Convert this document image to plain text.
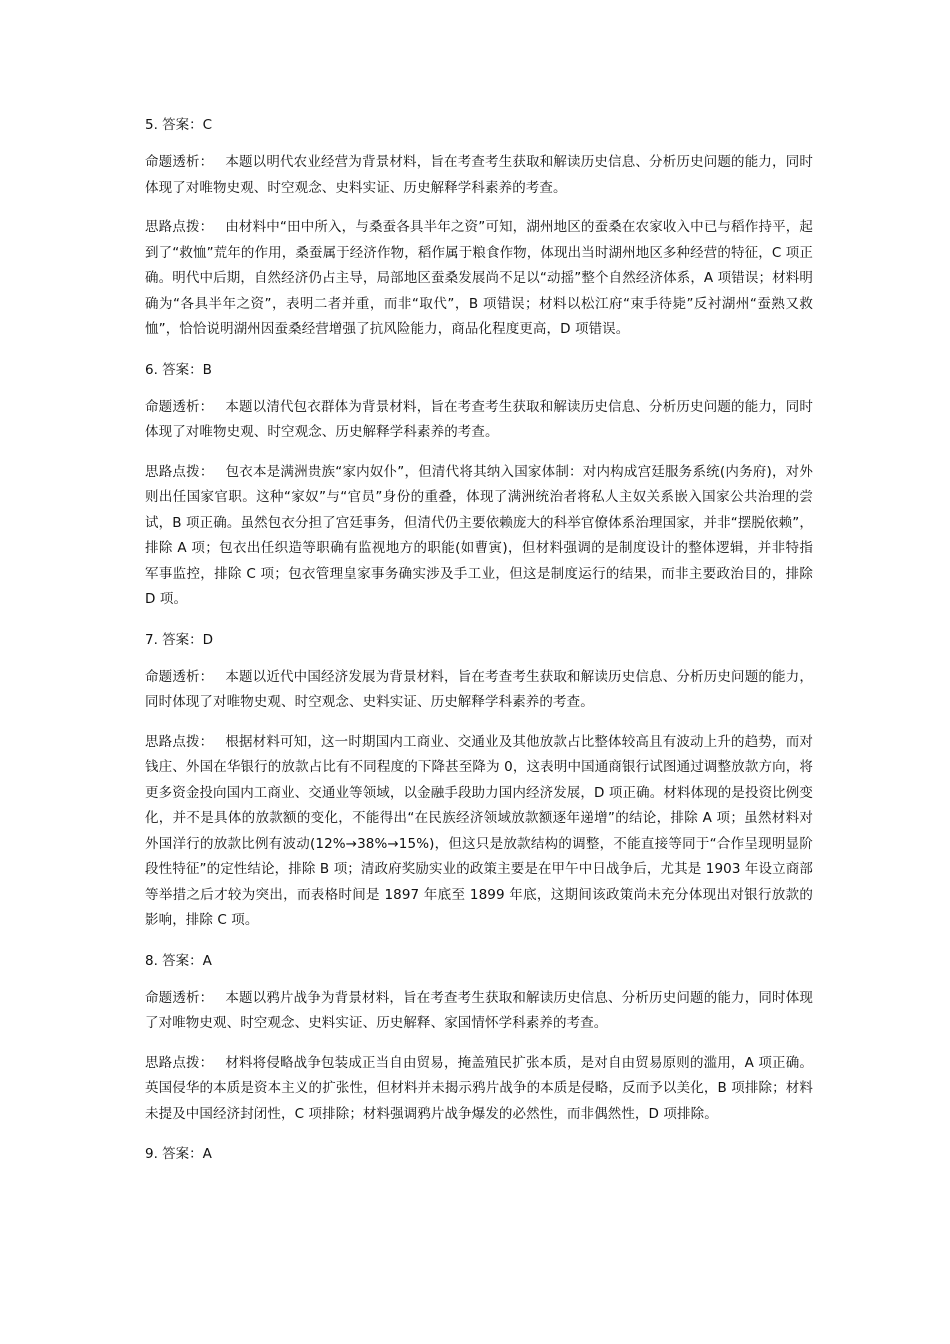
5. 答案：C

命题透析： 本题以明代农业经营为背景材料，旨在考查考生获取和解读历史信息、分析历史问题的能力，同时体现了对唯物史观、时空观念、史料实证、历史解释学科素养的考查。

思路点拨： 由材料中“田中所入，与桑蚕各具半年之资”可知，湖州地区的蚕桑在农家收入中已与稻作持平，起到了“救恤”荒年的作用，桑蚕属于经济作物，稻作属于粮食作物，体现出当时湖州地区多种经营的特征，C 项正确。明代中后期，自然经济仍占主导，局部地区蚕桑发展尚不足以“动摇”整个自然经济体系，A 项错误；材料明确为“各具半年之资”，表明二者并重，而非“取代”，B 项错误；材料以松江府“束手待毙”反衬湖州“蚕熟又救恤”，恰恰说明湖州因蚕桑经营增强了抗风险能力，商品化程度更高，D 项错误。

6. 答案：B

命题透析： 本题以清代包衣群体为背景材料，旨在考查考生获取和解读历史信息、分析历史问题的能力，同时体现了对唯物史观、时空观念、历史解释学科素养的考查。

思路点拨： 包衣本是满洲贵族“家内奴仆”，但清代将其纳入国家体制：对内构成宫廷服务系统(内务府)，对外则出任国家官职。这种“家奴”与“官员”身份的重叠，体现了满洲统治者将私人主奴关系嵌入国家公共治理的尝试，B 项正确。虽然包衣分担了宫廷事务，但清代仍主要依赖庞大的科举官僚体系治理国家，并非“摆脱依赖”，排除 A 项；包衣出任织造等职确有监视地方的职能(如曹寅)，但材料强调的是制度设计的整体逻辑，并非特指军事监控，排除 C 项；包衣管理皇家事务确实涉及手工业，但这是制度运行的结果，而非主要政治目的，排除 D 项。

7. 答案：D

命题透析： 本题以近代中国经济发展为背景材料，旨在考查考生获取和解读历史信息、分析历史问题的能力，同时体现了对唯物史观、时空观念、史料实证、历史解释学科素养的考查。

思路点拨： 根据材料可知，这一时期国内工商业、交通业及其他放款占比整体较高且有波动上升的趋势，而对钱庄、外国在华银行的放款占比有不同程度的下降甚至降为 0，这表明中国通商银行试图通过调整放款方向，将更多资金投向国内工商业、交通业等领域，以金融手段助力国内经济发展，D 项正确。材料体现的是投资比例变化，并不是具体的放款额的变化，不能得出“在民族经济领域放款额逐年递增”的结论，排除 A 项；虽然材料对外国洋行的放款比例有波动(12%→38%→15%)，但这只是放款结构的调整，不能直接等同于“合作呈现明显阶段性特征”的定性结论，排除 B 项；清政府奖励实业的政策主要是在甲午中日战争后，尤其是 1903 年设立商部等举措之后才较为突出，而表格时间是 1897 年底至 1899 年底，这期间该政策尚未充分体现出对银行放款的影响，排除 C 项。

8. 答案：A

命题透析： 本题以鸦片战争为背景材料，旨在考查考生获取和解读历史信息、分析历史问题的能力，同时体现了对唯物史观、时空观念、史料实证、历史解释、家国情怀学科素养的考查。

思路点拨： 材料将侵略战争包装成正当自由贸易，掩盖殖民扩张本质，是对自由贸易原则的滥用，A 项正确。英国侵华的本质是资本主义的扩张性，但材料并未揭示鸦片战争的本质是侵略，反而予以美化，B 项排除；材料未提及中国经济封闭性，C 项排除；材料强调鸦片战争爆发的必然性，而非偶然性，D 项排除。

9. 答案：A
